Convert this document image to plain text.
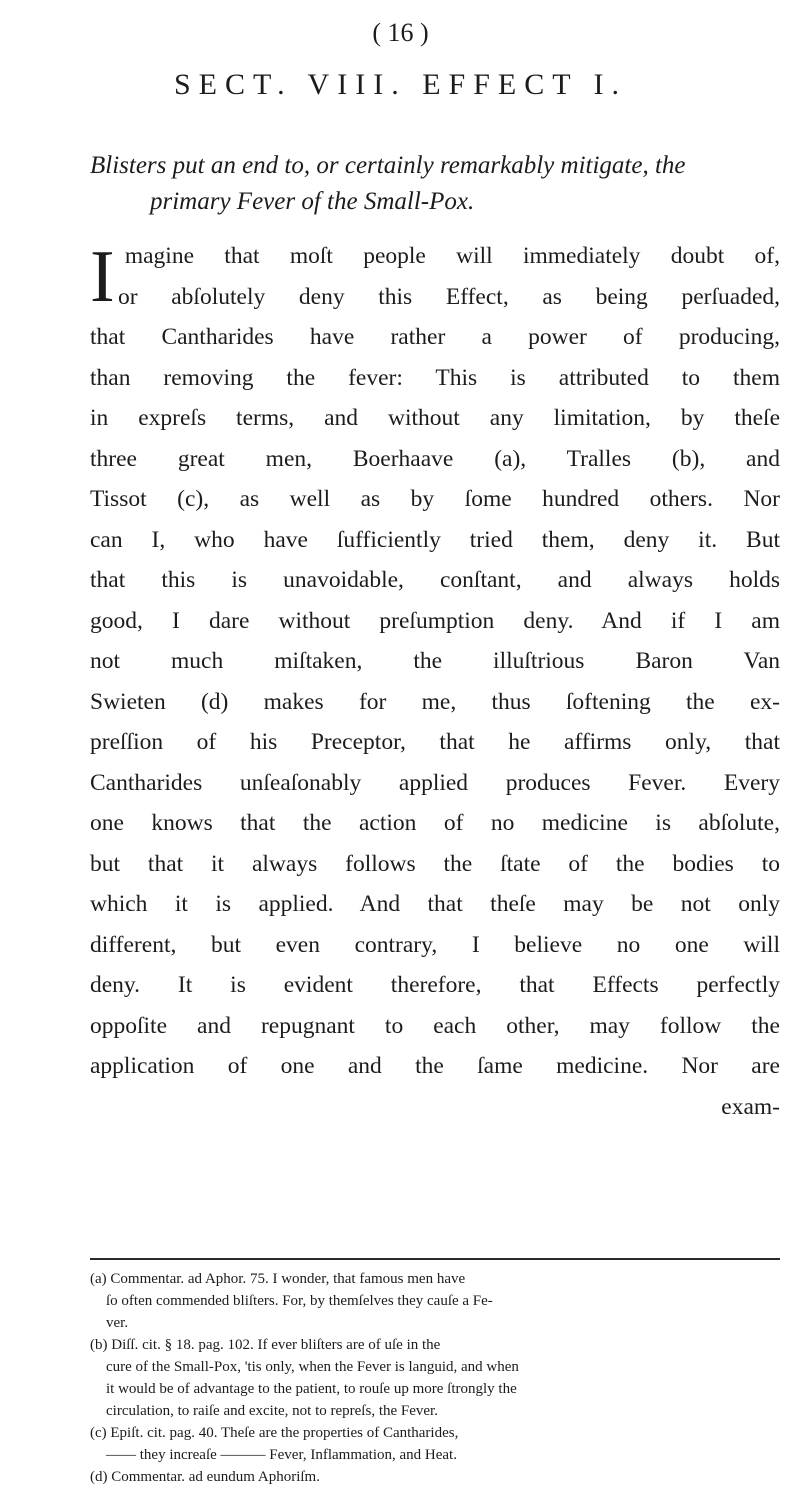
( 16 )
SECT. VIII. EFFECT I.
Blisters put an end to, or certainly remarkably mitigate, the
primary Fever of the Small-Pox.
I magine that moſt people will immediately doubt of,
or abſolutely deny this Effect, as being perſuaded,
that Cantharides have rather a power of producing,
than removing the fever: This is attributed to them
in expreſs terms, and without any limitation, by theſe
three great men, Boerhaave (a), Tralles (b), and
Tissot (c), as well as by ſome hundred others. Nor
can I, who have ſufficiently tried them, deny it. But
that this is unavoidable, conſtant, and always holds
good, I dare without preſumption deny. And if I am
not much miſtaken, the illuſtrious Baron Van
Swieten (d) makes for me, thus ſoftening the ex-
preſſion of his Preceptor, that he affirms only, that
Cantharides unſeaſonably applied produces Fever. Every
one knows that the action of no medicine is abſolute,
but that it always follows the ſtate of the bodies to
which it is applied. And that theſe may be not only
different, but even contrary, I believe no one will
deny. It is evident therefore, that Effects perfectly
oppoſite and repugnant to each other, may follow the
application of one and the ſame medicine. Nor are
exam-
(a) Commentar. ad Aphor. 75. I wonder, that famous men have
ſo often commended bliſters. For, by themſelves they cauſe a Fe-
ver.
(b) Diſſ. cit. § 18. pag. 102. If ever bliſters are of uſe in the
cure of the Small-Pox, 'tis only, when the Fever is languid, and when
it would be of advantage to the patient, to rouſe up more ſtrongly the
circulation, to raiſe and excite, not to repreſs, the Fever.
(c) Epiſt. cit. pag. 40. Theſe are the properties of Cantharides,
—— they increaſe ——— Fever, Inflammation, and Heat.
(d) Commentar. ad eundum Aphoriſm.
